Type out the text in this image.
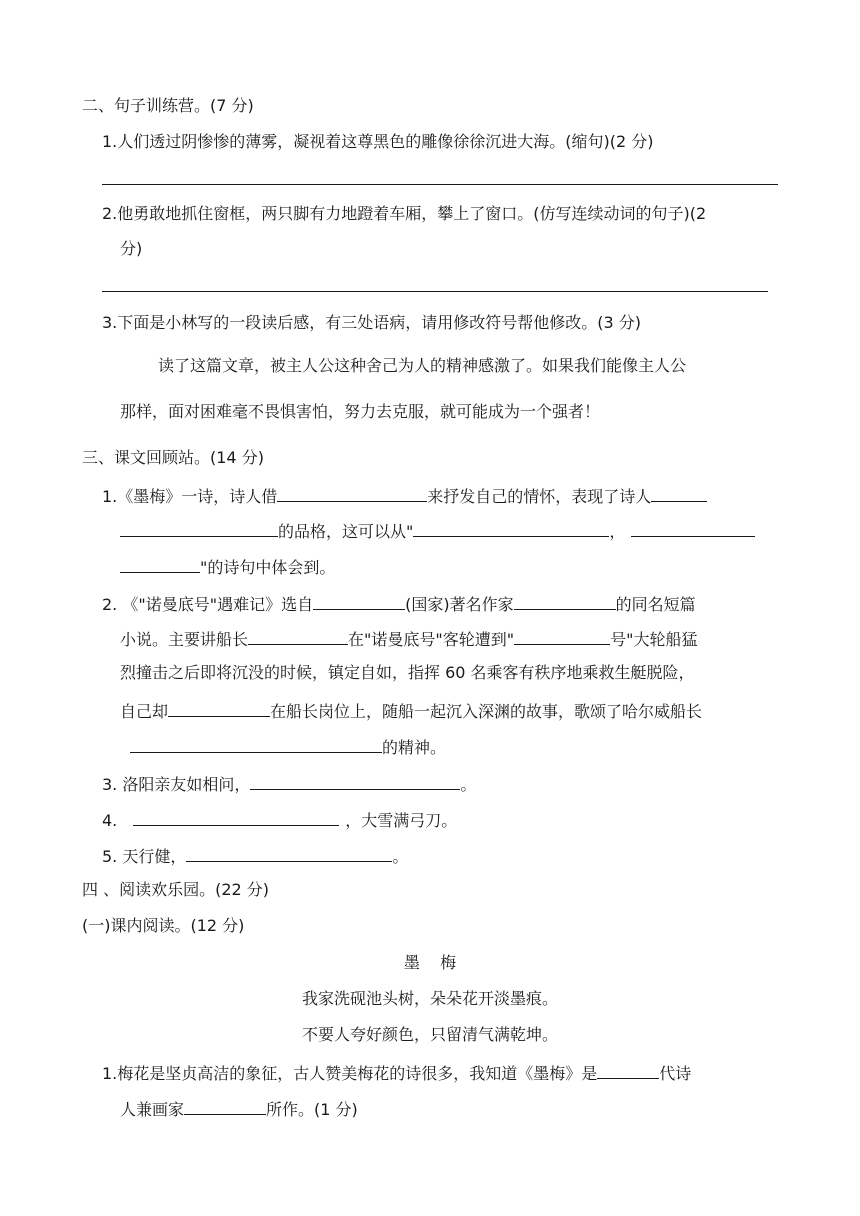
二、句子训练营。(7 分)
1.人们透过阴惨惨的薄雾，凝视着这尊黑色的雕像徐徐沉进大海。(缩句)(2 分)
2.他勇敢地抓住窗框，两只脚有力地蹬着车厢，攀上了窗口。(仿写连续动词的句子)(2
分)
3.下面是小林写的一段读后感，有三处语病，请用修改符号帮他修改。(3 分)
读了这篇文章，被主人公这种舍己为人的精神感激了。如果我们能像主人公
那样，面对困难毫不畏惧害怕，努力去克服，就可能成为一个强者！
三、课文回顾站。(14 分)
1.《墨梅》一诗，诗人借	来抒发自己的情怀，表现了诗人
的品格，这可以从"	，
"的诗句中体会到。
2. 《"诺曼底号"遇难记》选自	(国家)著名作家	的同名短篇
小说。主要讲船长	在"诺曼底号"客轮遭到"	号"大轮船猛
烈撞击之后即将沉没的时候，镇定自如，指挥 60 名乘客有秩序地乘救生艇脱险，
自己却	在船长岗位上，随船一起沉入深渊的故事，歌颂了哈尔威船长
的精神。
3. 洛阳亲友如相问，	。
4.	，大雪满弓刀。
5. 天行健，	。
四 、阅读欢乐园。(22 分)
(一)课内阅读。(12 分)
墨    梅
我家洗砚池头树，朵朵花开淡墨痕。
不要人夸好颜色，只留清气满乾坤。
1.梅花是坚贞高洁的象征，古人赞美梅花的诗很多，我知道《墨梅》是	代诗
人兼画家	所作。(1 分)
